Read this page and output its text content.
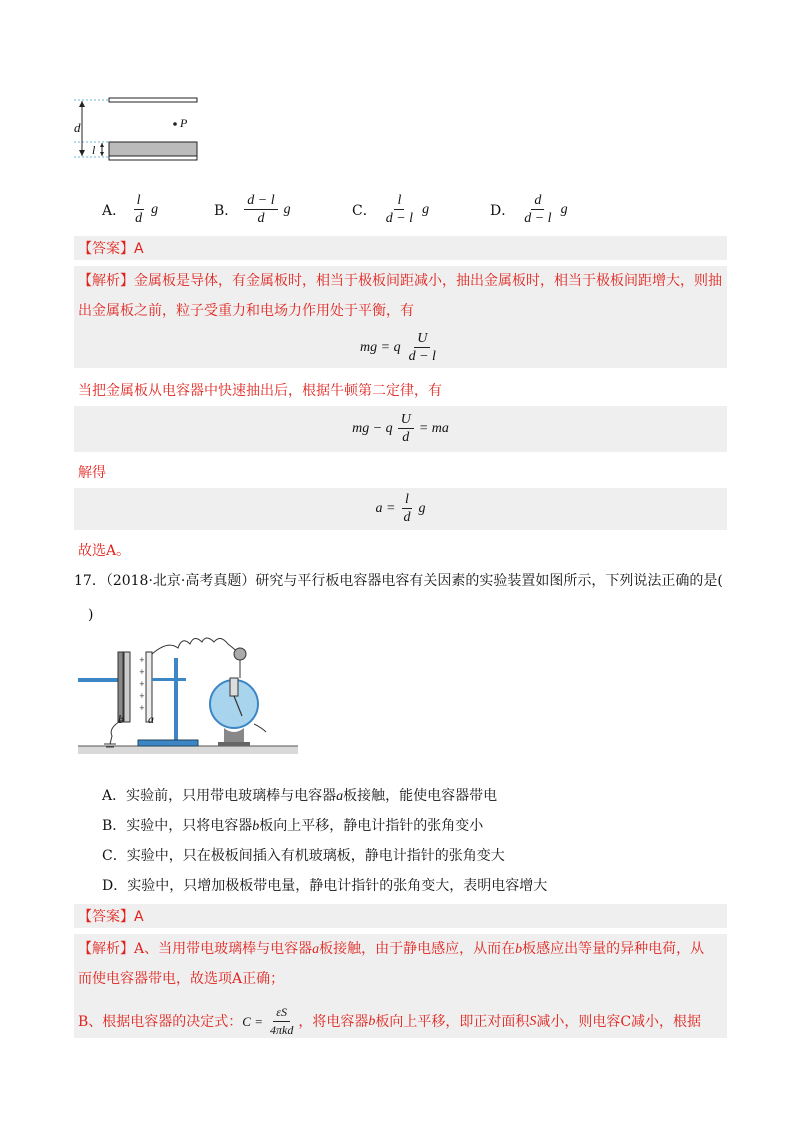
d
l
P
A． $\frac{l}{d}$ g	B． $\frac{d - l}{d}$ g	C． $\frac{l}{d - l}$ g	D． $\frac{d}{d - l}$ g
【答案】A
【解析】金属板是导体，有金属板时，相当于极板间距减小，抽出金属板时，相当于极板间距增大，则抽
出金属板之前，粒子受重力和电场力作用处于平衡，有
mg = q $\frac{U}{d - l}$
当把金属板从电容器中快速抽出后，根据牛顿第二定律，有
mg − q $\frac{U}{d}$ = ma
解得
$a = \frac{l}{d}$ g
故选A。
17．（2018·北京·高考真题）研究与平行板电容器电容有关因素的实验装置如图所示，下列说法正确的是(
)
+
+
+
+
+
b a
A．实验前，只用带电玻璃棒与电容器a板接触，能使电容器带电
B．实验中，只将电容器b板向上平移，静电计指针的张角变小
C．实验中，只在极板间插入有机玻璃板，静电计指针的张角变大
D．实验中，只增加极板带电量，静电计指针的张角变大，表明电容增大
【答案】A
【解析】A、当用带电玻璃棒与电容器a板接触，由于静电感应，从而在b板感应出等量的异种电荷，从
而使电容器带电，故选项A正确；
B、根据电容器的决定式： $C = \frac{\varepsilon S}{\text{4πkd}}$ ，将电容器 b 板向上平移，即正对面积 S 减小，则电容C减小，根据
